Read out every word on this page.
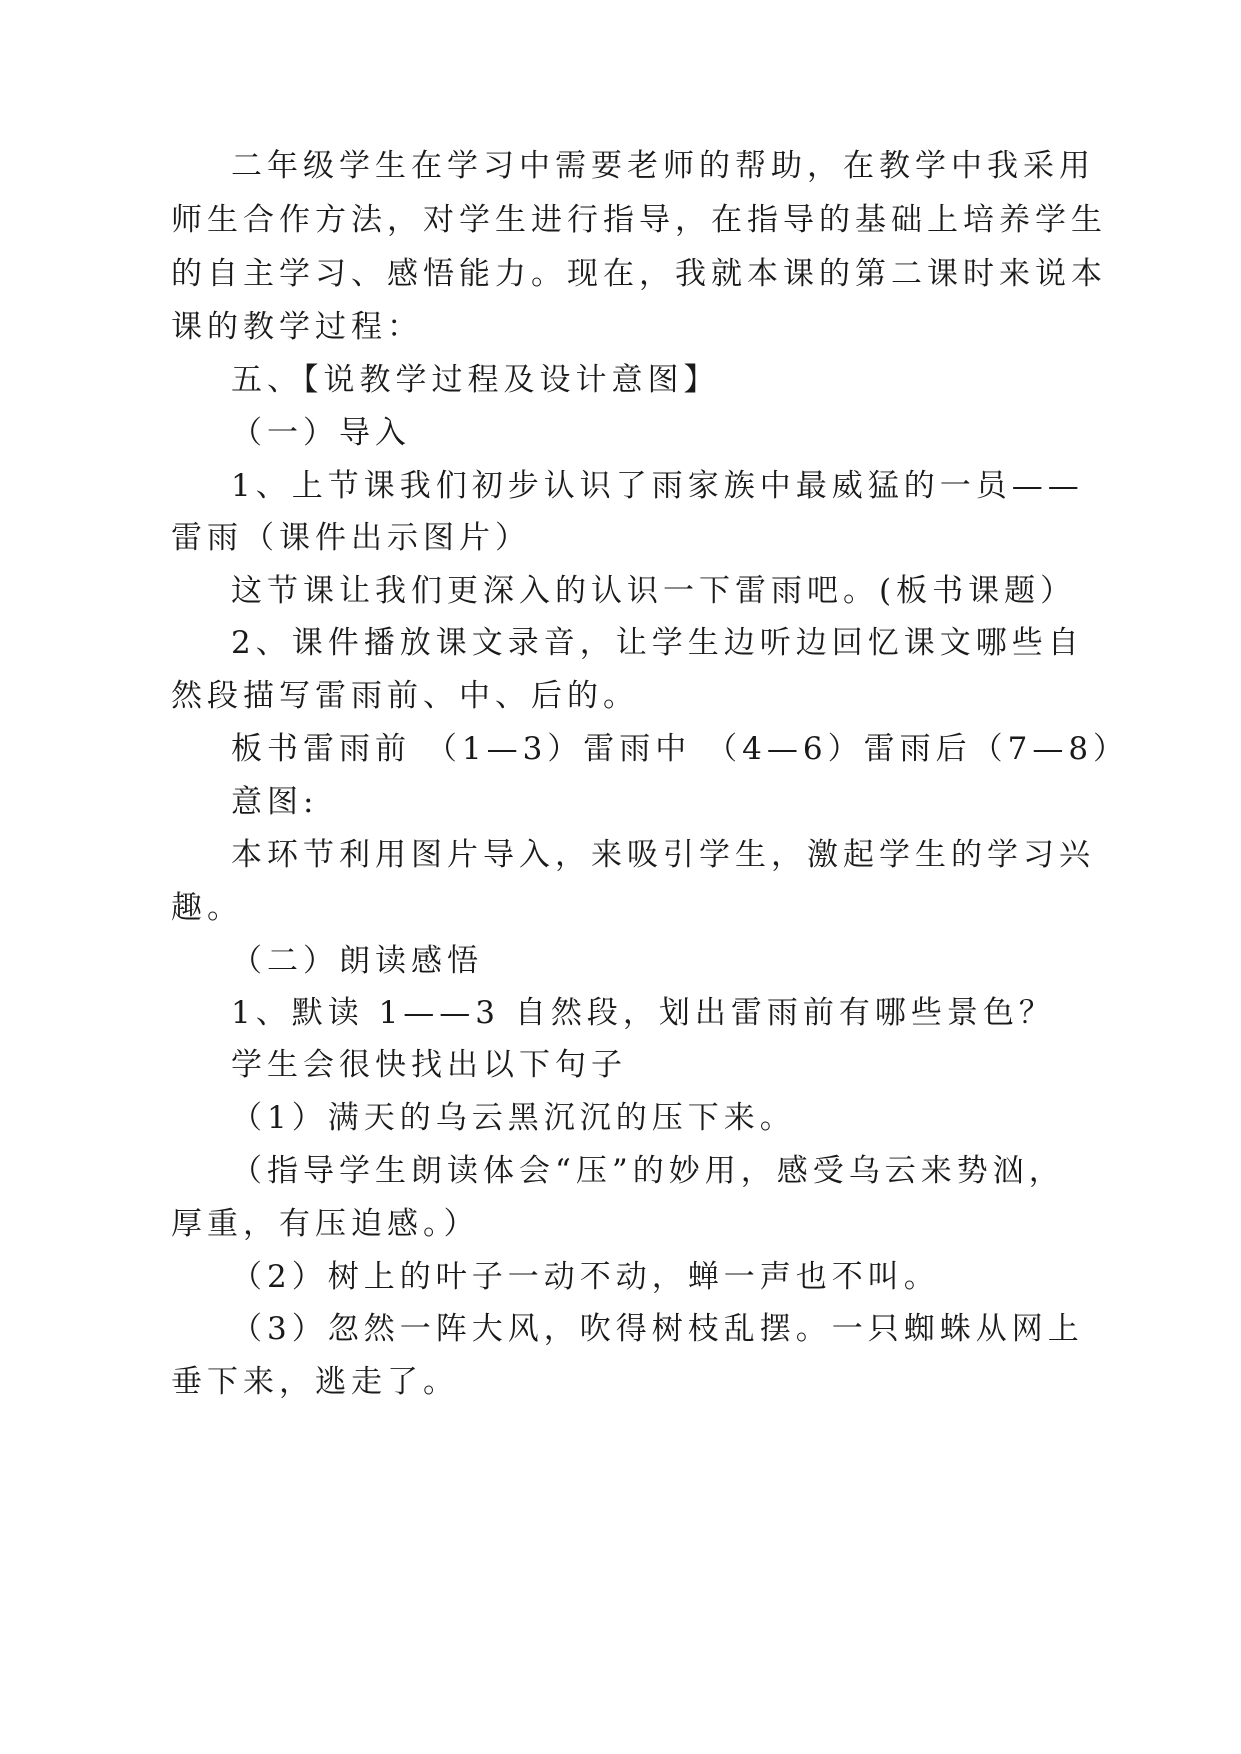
二年级学生在学习中需要老师的帮助，在教学中我采用
师生合作方法，对学生进行指导，在指导的基础上培养学生
的自主学习、感悟能力。现在，我就本课的第二课时来说本
课的教学过程：
五、【说教学过程及设计意图】
（一）导入
1、上节课我们初步认识了雨家族中最威猛的一员——
雷雨（课件出示图片）
这节课让我们更深入的认识一下雷雨吧。(板书课题）
2、课件播放课文录音，让学生边听边回忆课文哪些自
然段描写雷雨前、中、后的。
板书雷雨前 （1—3）雷雨中 （4—6）雷雨后（7—8）
意图:
本环节利用图片导入，来吸引学生，激起学生的学习兴
趣。
（二）朗读感悟
1、默读 1——3 自然段，划出雷雨前有哪些景色？
学生会很快找出以下句子
（1）满天的乌云黑沉沉的压下来。
（指导学生朗读体会“压”的妙用，感受乌云来势汹，
厚重，有压迫感。）
（2）树上的叶子一动不动，蝉一声也不叫。
（3）忽然一阵大风，吹得树枝乱摆。一只蜘蛛从网上
垂下来，逃走了。
